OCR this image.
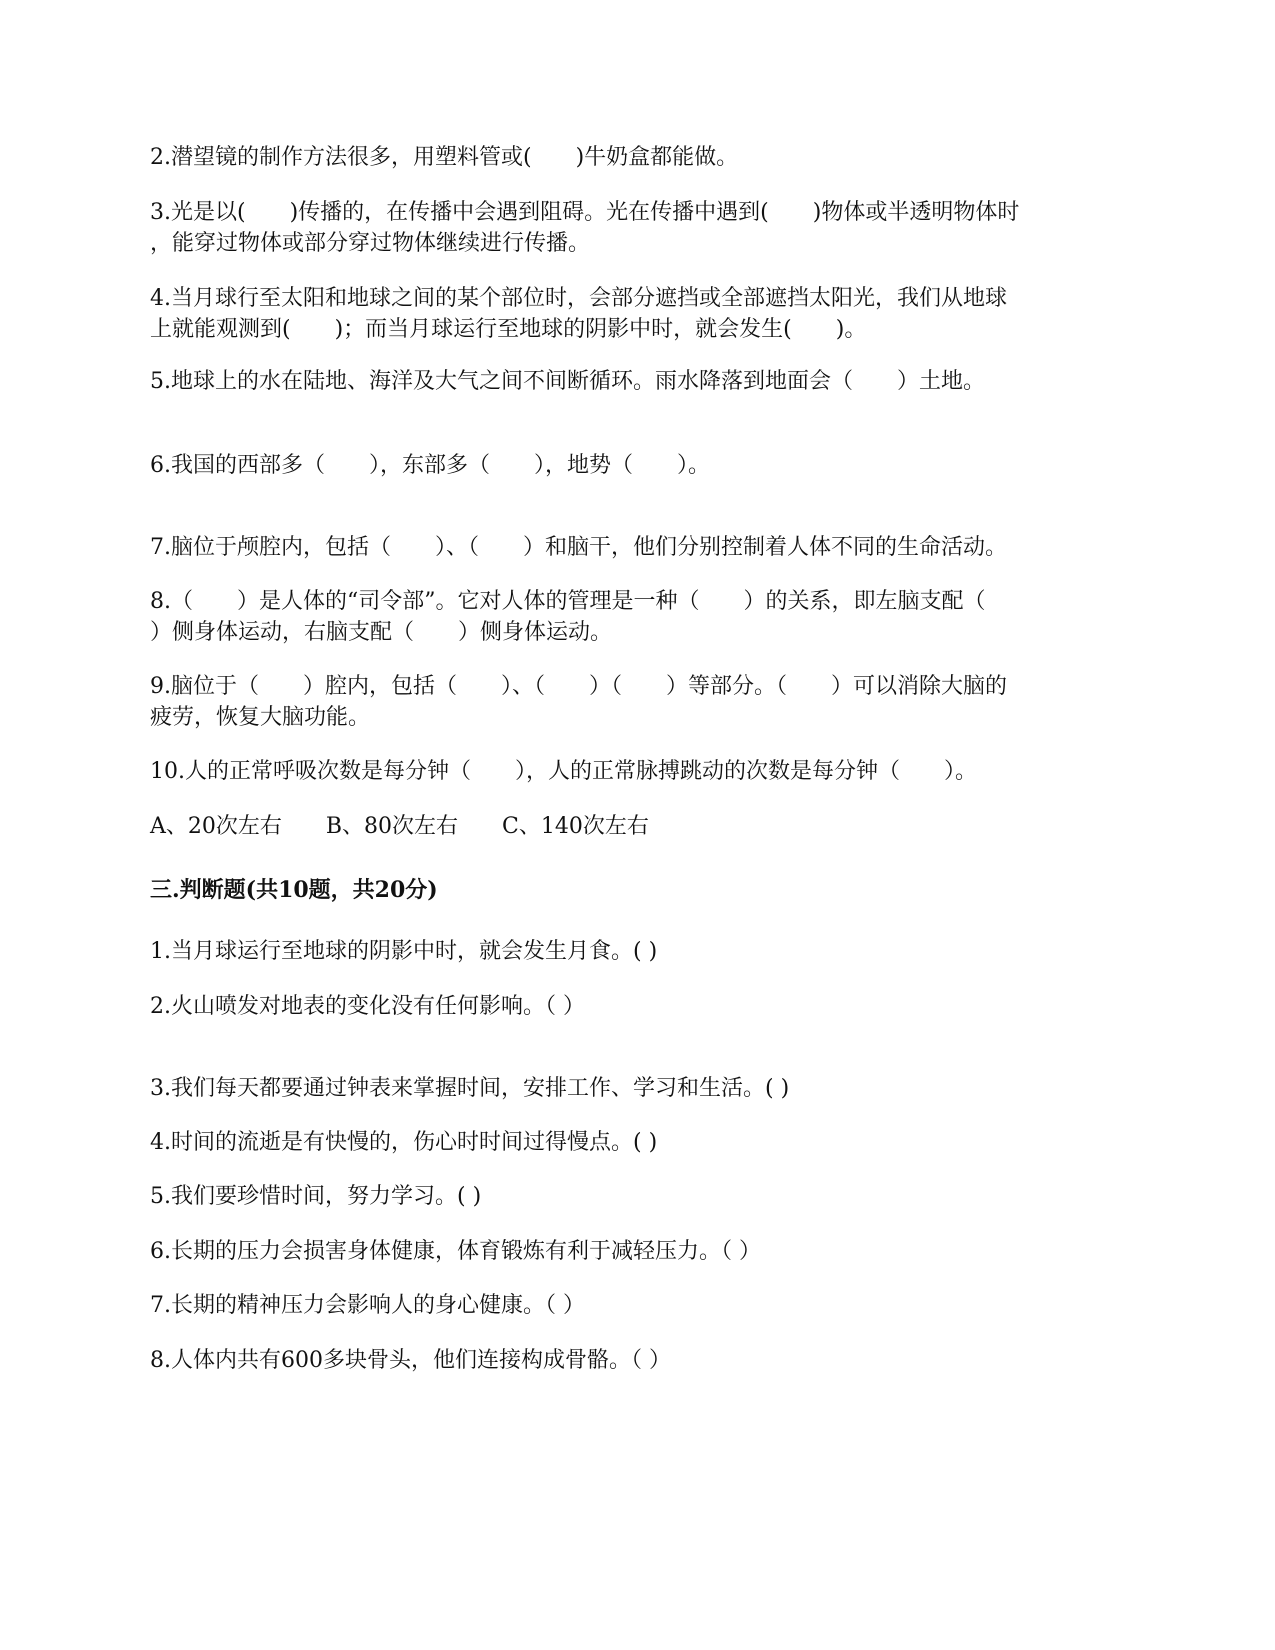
2.潜望镜的制作方法很多，用塑料管或(　　)牛奶盒都能做。

3.光是以(　　)传播的，在传播中会遇到阻碍。光在传播中遇到(　　)物体或半透明物体时

，能穿过物体或部分穿过物体继续进行传播。

4.当月球行至太阳和地球之间的某个部位时，会部分遮挡或全部遮挡太阳光，我们从地球

上就能观测到(　　)；而当月球运行至地球的阴影中时，就会发生(　　)。

5.地球上的水在陆地、海洋及大气之间不间断循环。雨水降落到地面会（　　）土地。

6.我国的西部多（　　），东部多（　　），地势（　　）。

7.脑位于颅腔内，包括（　　）、（　　）和脑干，他们分别控制着人体不同的生命活动。

8.（　　）是人体的“司令部”。它对人体的管理是一种（　　）的关系，即左脑支配（

）侧身体运动，右脑支配（　　）侧身体运动。

9.脑位于（　　）腔内，包括（　　）、（　　）（　　）等部分。（　　）可以消除大脑的

疲劳，恢复大脑功能。

10.人的正常呼吸次数是每分钟（　　），人的正常脉搏跳动的次数是每分钟（　　）。

A、20次左右　　B、80次左右　　C、140次左右

三.判断题(共10题，共20分)

1.当月球运行至地球的阴影中时，就会发生月食。( )

2.火山喷发对地表的变化没有任何影响。（ ）

3.我们每天都要通过钟表来掌握时间，安排工作、学习和生活。( )

4.时间的流逝是有快慢的，伤心时时间过得慢点。( )

5.我们要珍惜时间，努力学习。( )

6.长期的压力会损害身体健康，体育锻炼有利于减轻压力。（ ）

7.长期的精神压力会影响人的身心健康。（ ）

8.人体内共有600多块骨头，他们连接构成骨骼。（ ）
